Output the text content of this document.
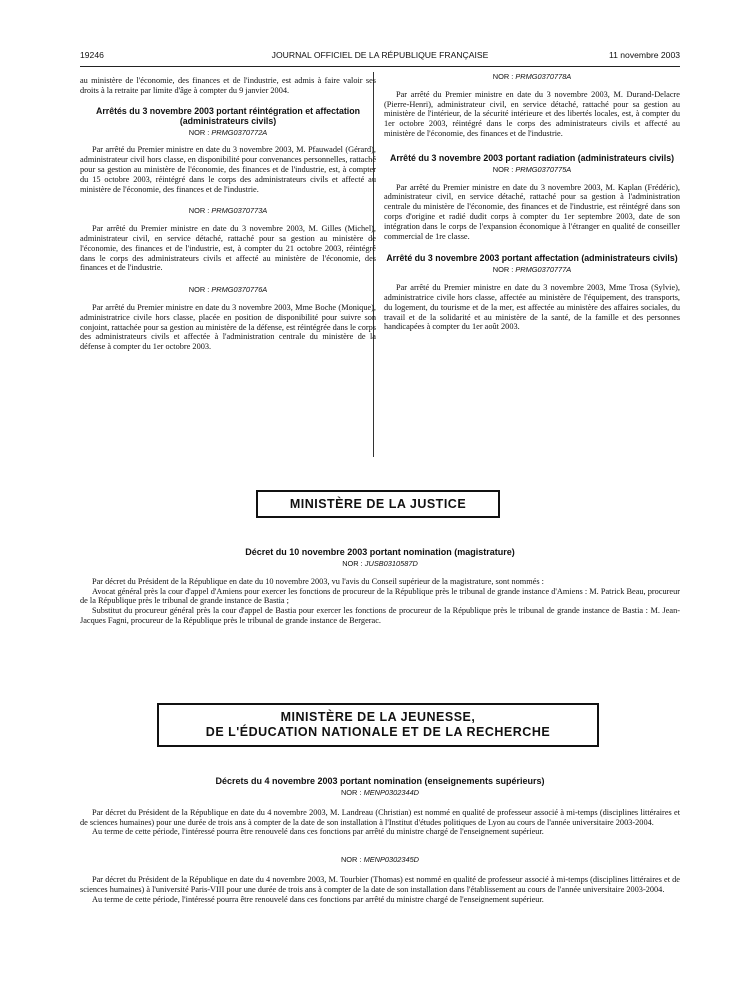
19246	JOURNAL OFFICIEL DE LA RÉPUBLIQUE FRANÇAISE	11 novembre 2003

au ministère de l'économie, des finances et de l'industrie, est admis à faire valoir ses droits à la retraite par limite d'âge à compter du 9 janvier 2004.

Arrêtés du 3 novembre 2003 portant réintégration et affectation (administrateurs civils)
NOR : PRMG0370772A

Par arrêté du Premier ministre en date du 3 novembre 2003, M. Pfauwadel (Gérard), administrateur civil hors classe, en disponibilité pour convenances personnelles, rattaché pour sa gestion au ministère de l'économie, des finances et de l'industrie, est, à compter du 15 octobre 2003, réintégré dans le corps des administrateurs civils et affecté au ministère de l'économie, des finances et de l'industrie.

NOR : PRMG0370773A

Par arrêté du Premier ministre en date du 3 novembre 2003, M. Gilles (Michel), administrateur civil, en service détaché, rattaché pour sa gestion au ministère de l'économie, des finances et de l'industrie, est, à compter du 21 octobre 2003, réintégré dans le corps des administrateurs civils et affecté au ministère de l'économie, des finances et de l'industrie.

NOR : PRMG0370776A

Par arrêté du Premier ministre en date du 3 novembre 2003, Mme Boche (Monique), administratrice civile hors classe, placée en position de disponibilité pour suivre son conjoint, rattachée pour sa gestion au ministère de la défense, est réintégrée dans le corps des administrateurs civils et affectée à l'administration centrale du ministère de la défense à compter du 1er octobre 2003.

NOR : PRMG0370778A

Par arrêté du Premier ministre en date du 3 novembre 2003, M. Durand-Delacre (Pierre-Henri), administrateur civil, en service détaché, rattaché pour sa gestion au ministère de l'intérieur, de la sécurité intérieure et des libertés locales, est, à compter du 1er octobre 2003, réintégré dans le corps des administrateurs civils et affecté au ministère de l'économie, des finances et de l'industrie.

Arrêté du 3 novembre 2003 portant radiation (administrateurs civils)
NOR : PRMG0370775A

Par arrêté du Premier ministre en date du 3 novembre 2003, M. Kaplan (Frédéric), administrateur civil, en service détaché, rattaché pour sa gestion à l'administration centrale du ministère de l'économie, des finances et de l'industrie, est réintégré dans son corps d'origine et radié dudit corps à compter du 1er septembre 2003, date de son intégration dans le corps de l'expansion économique à l'étranger en qualité de conseiller commercial de 1re classe.

Arrêté du 3 novembre 2003 portant affectation (administrateurs civils)
NOR : PRMG0370777A

Par arrêté du Premier ministre en date du 3 novembre 2003, Mme Trosa (Sylvie), administratrice civile hors classe, affectée au ministère de l'équipement, des transports, du logement, du tourisme et de la mer, est affectée au ministère des affaires sociales, du travail et de la solidarité et au ministère de la santé, de la famille et des personnes handicapées à compter du 1er août 2003.

MINISTÈRE DE LA JUSTICE
Décret du 10 novembre 2003 portant nomination (magistrature)
NOR : JUSB0310587D

Par décret du Président de la République en date du 10 novembre 2003, vu l'avis du Conseil supérieur de la magistrature, sont nommés :

Avocat général près la cour d'appel d'Amiens pour exercer les fonctions de procureur de la République près le tribunal de grande instance d'Amiens : M. Patrick Beau, procureur de la République près le tribunal de grande instance de Bastia ;

Substitut du procureur général près la cour d'appel de Bastia pour exercer les fonctions de procureur de la République près le tribunal de grande instance de Bastia : M. Jean-Jacques Fagni, procureur de la République près le tribunal de grande instance de Bergerac.

MINISTÈRE DE LA JEUNESSE,
DE L'ÉDUCATION NATIONALE ET DE LA RECHERCHE
Décrets du 4 novembre 2003 portant nomination (enseignements supérieurs)
NOR : MENP0302344D

Par décret du Président de la République en date du 4 novembre 2003, M. Landreau (Christian) est nommé en qualité de professeur associé à mi-temps (disciplines littéraires et de sciences humaines) pour une durée de trois ans à compter de la date de son installation à l'Institut d'études politiques de Lyon au cours de l'année universitaire 2003-2004.

Au terme de cette période, l'intéressé pourra être renouvelé dans ces fonctions par arrêté du ministre chargé de l'enseignement supérieur.

NOR : MENP0302345D

Par décret du Président de la République en date du 4 novembre 2003, M. Tourbier (Thomas) est nommé en qualité de professeur associé à mi-temps (disciplines littéraires et de sciences humaines) à l'université Paris-VIII pour une durée de trois ans à compter de la date de son installation dans l'établissement au cours de l'année universitaire 2003-2004.

Au terme de cette période, l'intéressé pourra être renouvelé dans ces fonctions par arrêté du ministre chargé de l'enseignement supérieur.
